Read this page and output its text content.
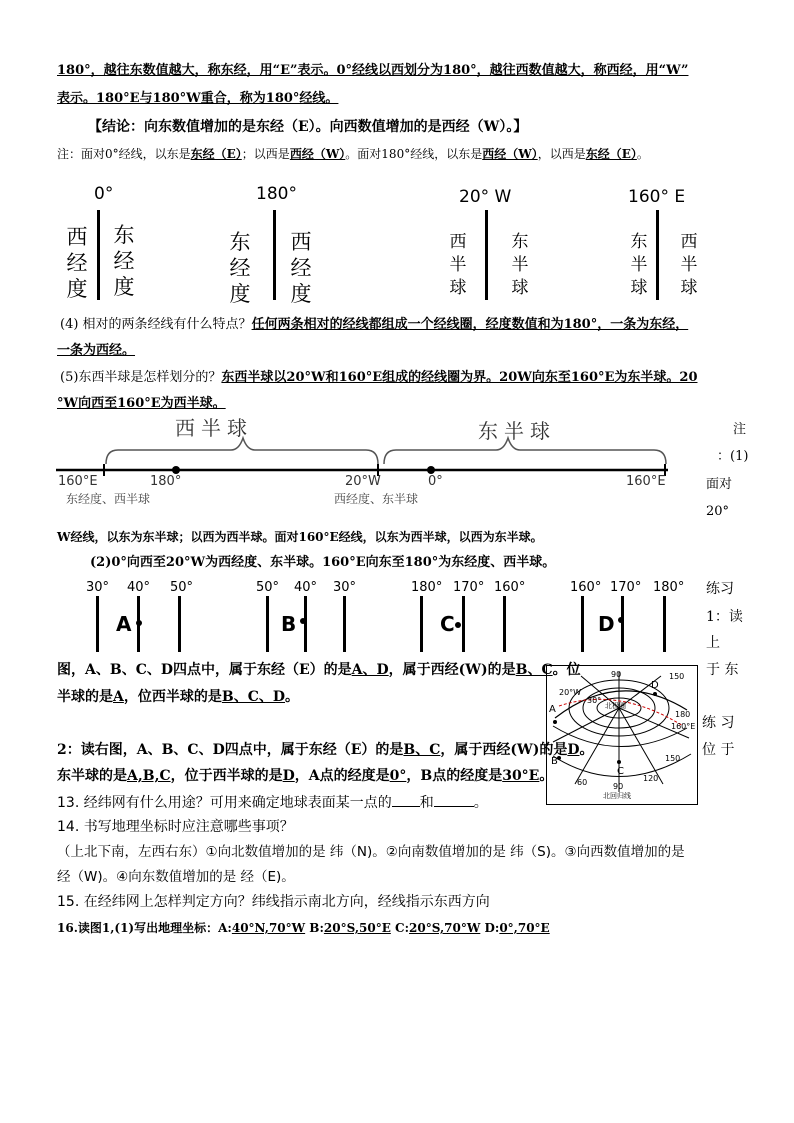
180°，越往东数值越大，称东经，用“E”表示。0°经线以西划分为180°，越往西数值越大，称西经，用“W”
表示。180°E与180°W重合，称为180°经线。
【结论：向东数值增加的是东经（E）。向西数值增加的是西经（W）。】
注：面对0°经线，以东是东经（E）；以西是西经（W）。面对180°经线，以东是西经（W），以西是东经（E）。
0°
西经度
东经度
180°
东经度
西经度
20° W
西半球
东半球
160° E
东半球
西半球
(4) 相对的两条经线有什么特点？任何两条相对的经线都组成一个经线圈，经度数值和为180°，一条为东经，
一条为西经。
(5)东西半球是怎样划分的？东西半球以20°W和160°E组成的经线圈为界。20W向东至160°E为东半球。20
°W向西至160°E为西半球。
西半球	东半球
160°E	180°	20°W	0°	160°E
东经度、西半球	西经度、东半球
注
：(1)
面对
20°
W经线，以东为东半球；以西为西半球。面对160°E经线，以东为西半球，以西为东半球。
(2)0°向西至20°W为西经度、东半球。160°E向东至180°为东经度、西半球。
30° 40° 50°
A
50° 40° 30°
B
180° 170° 160°
C
160° 170° 180°
D
练习
1：读
上
于 东
图，A、B、C、D四点中，属于东经（E）的是A、D，属于西经(W)的是B、C。位
半球的是A，位西半球的是B、C、D。
90	150
20°W
30°
180
160°E
北极圈
A
B
C
D
60	90
120
150
北回归线
练 习
位 于
2：读右图，A、B、C、D四点中，属于东经（E）的是B、C，属于西经(W)的是D。
东半球的是A,B,C，位于西半球的是D，A点的经度是0°，B点的经度是30°E。
13. 经纬网有什么用途？可用来确定地球表面某一点的 和	。
14. 书写地理坐标时应注意哪些事项？
（上北下南，左西右东）①向北数值增加的是 纬（N)。②向南数值增加的是 纬（S)。③向西数值增加的是
经（W)。④向东数值增加的是 经（E)。
15. 在经纬网上怎样判定方向？纬线指示南北方向，经线指示东西方向
16.读图1,(1)写出地理坐标：A:40°N,70°W B:20°S,50°E C:20°S,70°W D:0°,70°E
